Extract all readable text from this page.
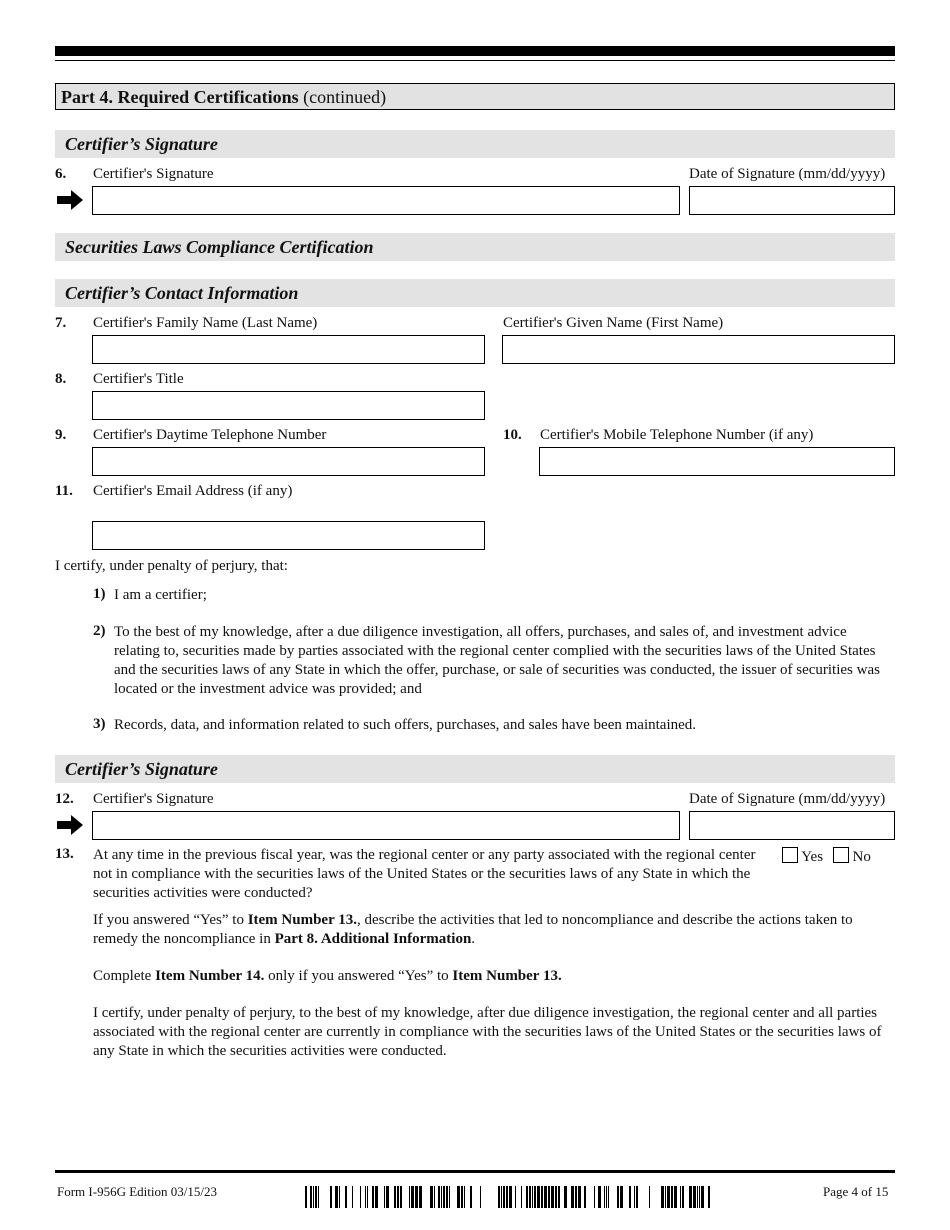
Part 4. Required Certifications (continued)
Certifier’s Signature
6. Certifier's Signature	Date of Signature (mm/dd/yyyy)
Securities Laws Compliance Certification
Certifier’s Contact Information
7. Certifier's Family Name (Last Name)	Certifier's Given Name (First Name)
8. Certifier's Title
9. Certifier's Daytime Telephone Number	10. Certifier's Mobile Telephone Number (if any)
11. Certifier's Email Address (if any)
I certify, under penalty of perjury, that:
1) I am a certifier;
2) To the best of my knowledge, after a due diligence investigation, all offers, purchases, and sales of, and investment advice relating to, securities made by parties associated with the regional center complied with the securities laws of the United States and the securities laws of any State in which the offer, purchase, or sale of securities was conducted, the issuer of securities was located or the investment advice was provided; and
3) Records, data, and information related to such offers, purchases, and sales have been maintained.
Certifier’s Signature
12. Certifier's Signature	Date of Signature (mm/dd/yyyy)
13. At any time in the previous fiscal year, was the regional center or any party associated with the regional center not in compliance with the securities laws of the United States or the securities laws of any State in which the securities activities were conducted?
Yes No
If you answered “Yes” to Item Number 13., describe the activities that led to noncompliance and describe the actions taken to remedy the noncompliance in Part 8. Additional Information.
Complete Item Number 14. only if you answered “Yes” to Item Number 13.
I certify, under penalty of perjury, to the best of my knowledge, after due diligence investigation, the regional center and all parties associated with the regional center are currently in compliance with the securities laws of the United States or the securities laws of any State in which the securities activities were conducted.
Form I-956G Edition 03/15/23	Page 4 of 15
